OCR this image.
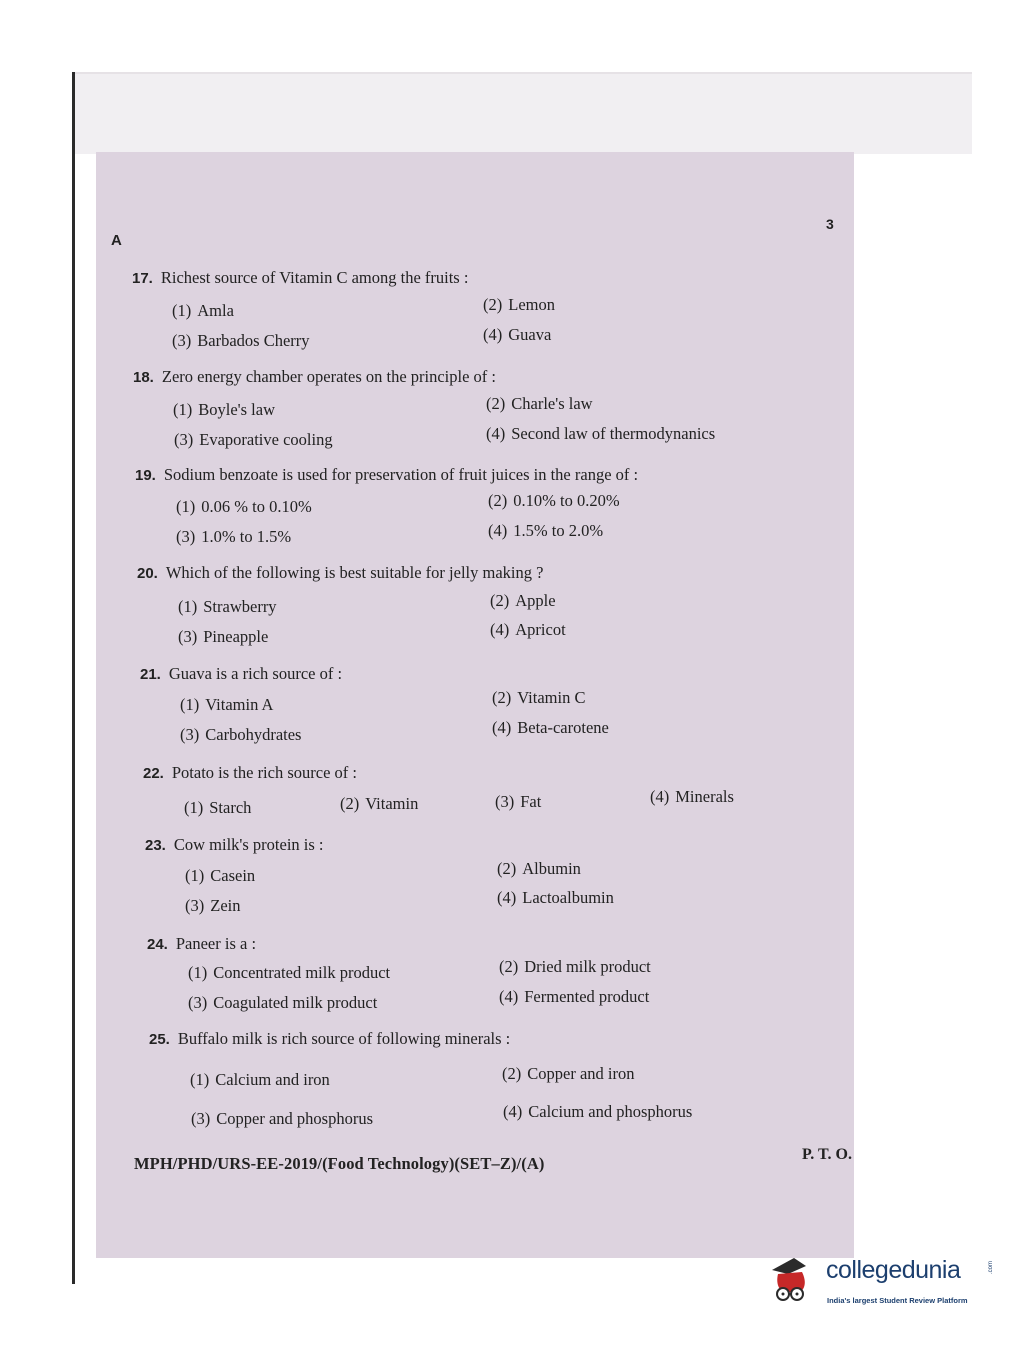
A
3
17. Richest source of Vitamin C among the fruits :
(1) Amla	(2) Lemon
(3) Barbados Cherry	(4) Guava
18. Zero energy chamber operates on the principle of :
(1) Boyle's law	(2) Charle's law
(3) Evaporative cooling	(4) Second law of thermodynanics
19. Sodium benzoate is used for preservation of fruit juices in the range of :
(1) 0.06 % to 0.10%	(2) 0.10% to 0.20%
(3) 1.0% to 1.5%	(4) 1.5% to 2.0%
20. Which of the following is best suitable for jelly making ?
(1) Strawberry	(2) Apple
(3) Pineapple	(4) Apricot
21. Guava is a rich source of :
(1) Vitamin A	(2) Vitamin C
(3) Carbohydrates	(4) Beta-carotene
22. Potato is the rich source of :
(1) Starch	(2) Vitamin	(3) Fat	(4) Minerals
23. Cow milk's protein is :
(1) Casein	(2) Albumin
(3) Zein	(4) Lactoalbumin
24. Paneer is a :
(1) Concentrated milk product	(2) Dried milk product
(3) Coagulated milk product	(4) Fermented product
25. Buffalo milk is rich source of following minerals :
(1) Calcium and iron	(2) Copper and iron
(3) Copper and phosphorus	(4) Calcium and phosphorus
MPH/PHD/URS-EE-2019/(Food Technology)(SET–Z)/(A)	P. T. O.
collegedunia	.com
India's largest Student Review Platform
